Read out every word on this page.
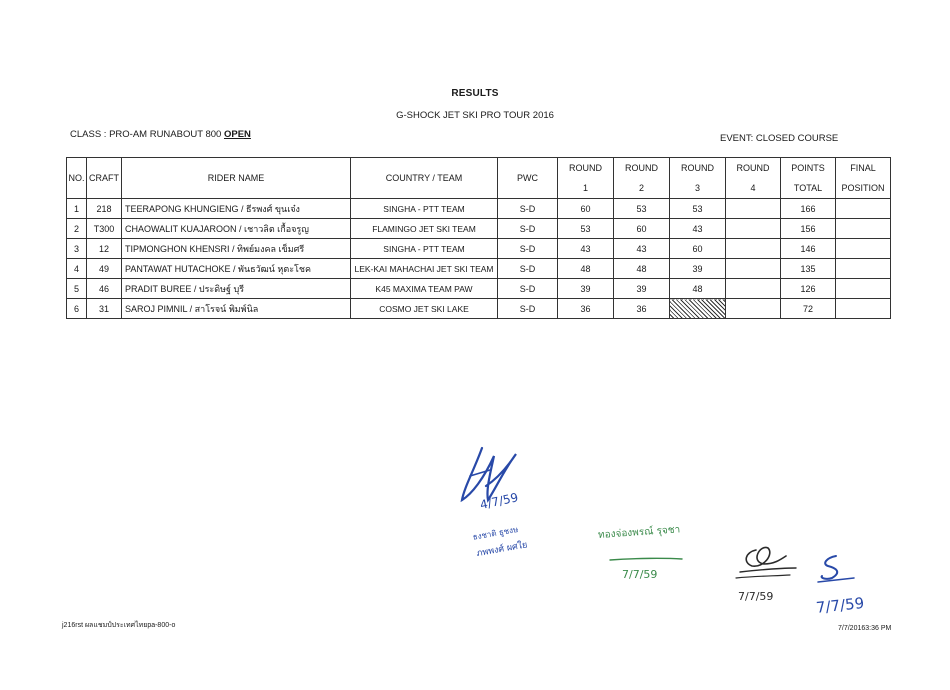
RESULTS
G-SHOCK JET SKI PRO TOUR 2016
CLASS : PRO-AM RUNABOUT 800 OPEN	EVENT: CLOSED COURSE
NO.	CRAFT	RIDER NAME	COUNTRY / TEAM	PWC	ROUND	ROUND	ROUND	ROUND	POINTS	FINAL
					1	2	3	4	TOTAL	POSITION
1	218	TEERAPONG KHUNGIENG / ธีรพงศ์ ขุนเจ๋ง	SINGHA - PTT TEAM	S-D	60	53	53		166	
2	T300	CHAOWALIT KUAJAROON / เชาวลิต เกื้อจรูญ	FLAMINGO JET SKI TEAM	S-D	53	60	43		156	
3	12	TIPMONGHON KHENSRI / ทิพย์มงคล เข็มศรี	SINGHA - PTT TEAM	S-D	43	43	60		146	
4	49	PANTAWAT HUTACHOKE / พันธวัฒน์ หุตะโชค	LEK-KAI MAHACHAI JET SKI TEAM	S-D	48	48	39		135	
5	46	PRADIT BUREE / ประดิษฐ์ บุรี	K45 MAXIMA TEAM PAW	S-D	39	39	48		126	
6	31	SAROJ PIMNIL / สาโรจน์ พิมพ์นิล	COSMO JET SKI LAKE	S-D	36	36			72	
4/7/59
ธงชาติ ธูชงษ
ภพพงศ์ ผศใย
ทองจ่องพรณ์ รุจชา
7/7/59
7/7/59	7/7/59
j216rst ผลแชมป์ประเทศไทยpa-800-o	7/7/20163:36 PM
